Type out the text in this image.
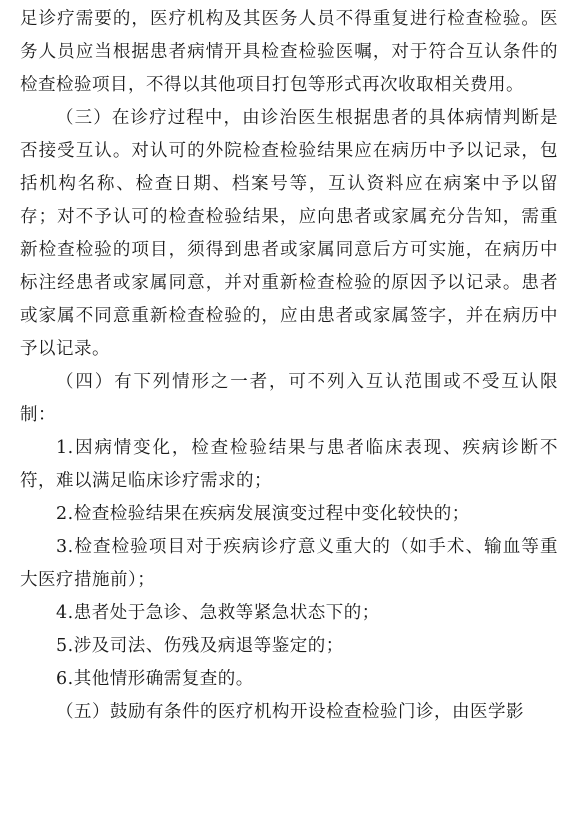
足诊疗需要的，医疗机构及其医务人员不得重复进行检查检验。医务人员应当根据患者病情开具检查检验医嘱，对于符合互认条件的检查检验项目，不得以其他项目打包等形式再次收取相关费用。

（三）在诊疗过程中，由诊治医生根据患者的具体病情判断是否接受互认。对认可的外院检查检验结果应在病历中予以记录，包括机构名称、检查日期、档案号等，互认资料应在病案中予以留存；对不予认可的检查检验结果，应向患者或家属充分告知，需重新检查检验的项目，须得到患者或家属同意后方可实施，在病历中标注经患者或家属同意，并对重新检查检验的原因予以记录。患者或家属不同意重新检查检验的，应由患者或家属签字，并在病历中予以记录。

（四）有下列情形之一者，可不列入互认范围或不受互认限制：

1.因病情变化，检查检验结果与患者临床表现、疾病诊断不符，难以满足临床诊疗需求的；

2.检查检验结果在疾病发展演变过程中变化较快的；

3.检查检验项目对于疾病诊疗意义重大的（如手术、输血等重大医疗措施前）；

4.患者处于急诊、急救等紧急状态下的；

5.涉及司法、伤残及病退等鉴定的；

6.其他情形确需复查的。

（五）鼓励有条件的医疗机构开设检查检验门诊，由医学影
